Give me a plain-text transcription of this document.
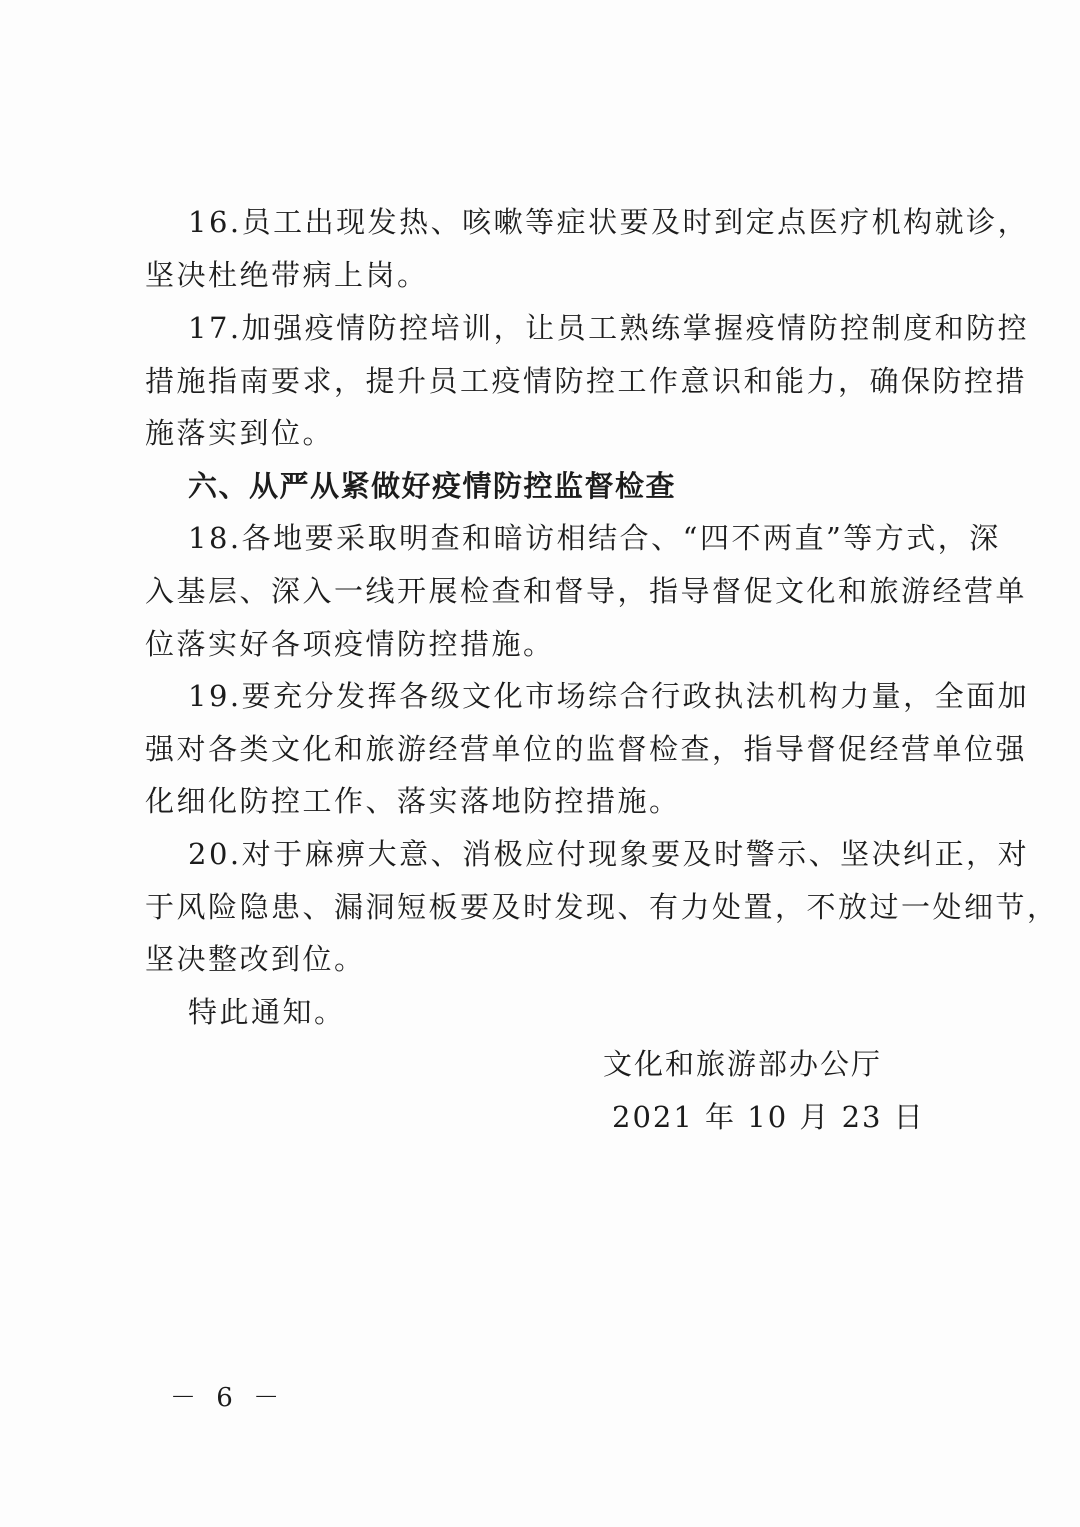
16.员工出现发热、咳嗽等症状要及时到定点医疗机构就诊，
坚决杜绝带病上岗。
17.加强疫情防控培训，让员工熟练掌握疫情防控制度和防控
措施指南要求，提升员工疫情防控工作意识和能力，确保防控措
施落实到位。
六、从严从紧做好疫情防控监督检查
18.各地要采取明查和暗访相结合、“四不两直”等方式，深
入基层、深入一线开展检查和督导，指导督促文化和旅游经营单
位落实好各项疫情防控措施。
19.要充分发挥各级文化市场综合行政执法机构力量，全面加
强对各类文化和旅游经营单位的监督检查，指导督促经营单位强
化细化防控工作、落实落地防控措施。
20.对于麻痹大意、消极应付现象要及时警示、坚决纠正，对
于风险隐患、漏洞短板要及时发现、有力处置，不放过一处细节，
坚决整改到位。
特此通知。
文化和旅游部办公厅
2021 年 10 月 23 日
－ 6 －
